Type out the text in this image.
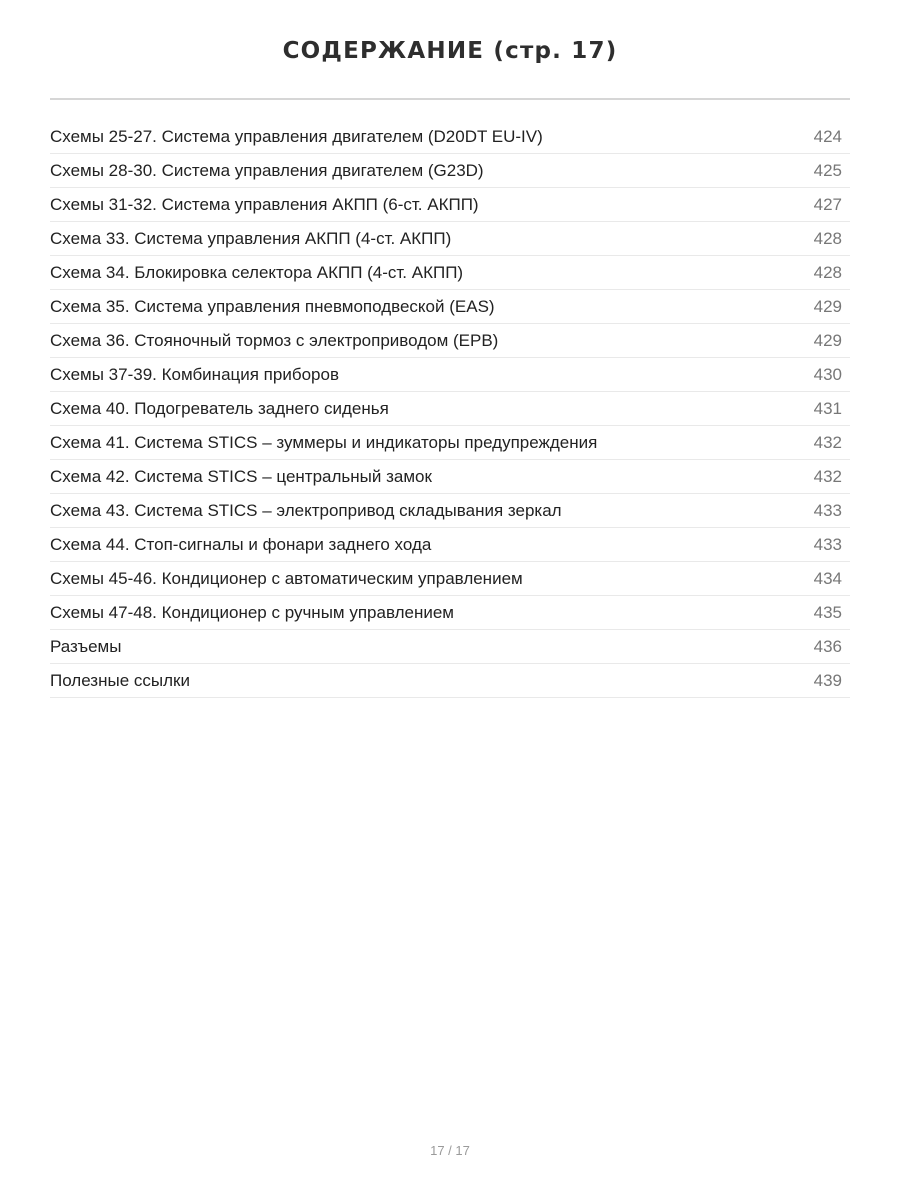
СОДЕРЖАНИЕ (стр. 17)
Схемы 25-27. Система управления двигателем (D20DT EU-IV)	424
Схемы 28-30. Система управления двигателем (G23D)	425
Схемы 31-32. Система управления АКПП (6-ст. АКПП)	427
Схема 33. Система управления АКПП (4-ст. АКПП)	428
Схема 34. Блокировка селектора АКПП (4-ст. АКПП)	428
Схема 35. Система управления пневмоподвеской (EAS)	429
Схема 36. Стояночный тормоз с электроприводом (EPB)	429
Схемы 37-39. Комбинация приборов	430
Схема 40. Подогреватель заднего сиденья	431
Схема 41. Система STICS – зуммеры и индикаторы предупреждения	432
Схема 42. Система STICS – центральный замок	432
Схема 43. Система STICS – электропривод складывания зеркал	433
Схема 44. Стоп-сигналы и фонари заднего хода	433
Схемы 45-46. Кондиционер с автоматическим управлением	434
Схемы 47-48. Кондиционер с ручным управлением	435
Разъемы	436
Полезные ссылки	439
17 / 17
